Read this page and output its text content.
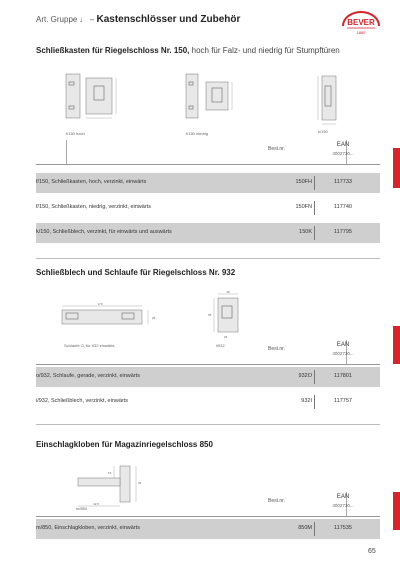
Art. Gruppe ♩ – Kastenschlösser und Zubehör	BEVER
1889
Schließkasten für Riegelschloss Nr. 150, hoch für Falz- und niedrig für Stumpftüren
f/150 hoch	f/150 niedrig	k/150
Best.nr.
EAN
4002730...
f/150, Schließkasten, hoch, verzinkt, einwärts	150FH	117733
f/150, Schließkasten, niedrig, verzinkt, einwärts	150FN	117740
k/150, Schließblech, verzinkt, für einwärts und auswärts	150K	117795
Schließblech und Schlaufe für Riegelschloss Nr. 932
170
25
Schlaufe O, für 932 einwärts
45
65
25
i/932
Best.nr.
EAN
4002730...
o/932, Schlaufe, gerade, verzinkt, einwärts	932O	117801
i/932, Schließblech, verzinkt, einwärts	932I	117757
Einschlagkloben für Magazinriegelschloss 850
42,5
15
43
m/850
Best.nr.
EAN
4002730...
m/850, Einschlagkloben, verzinkt, einwärts	850M	117535
65
